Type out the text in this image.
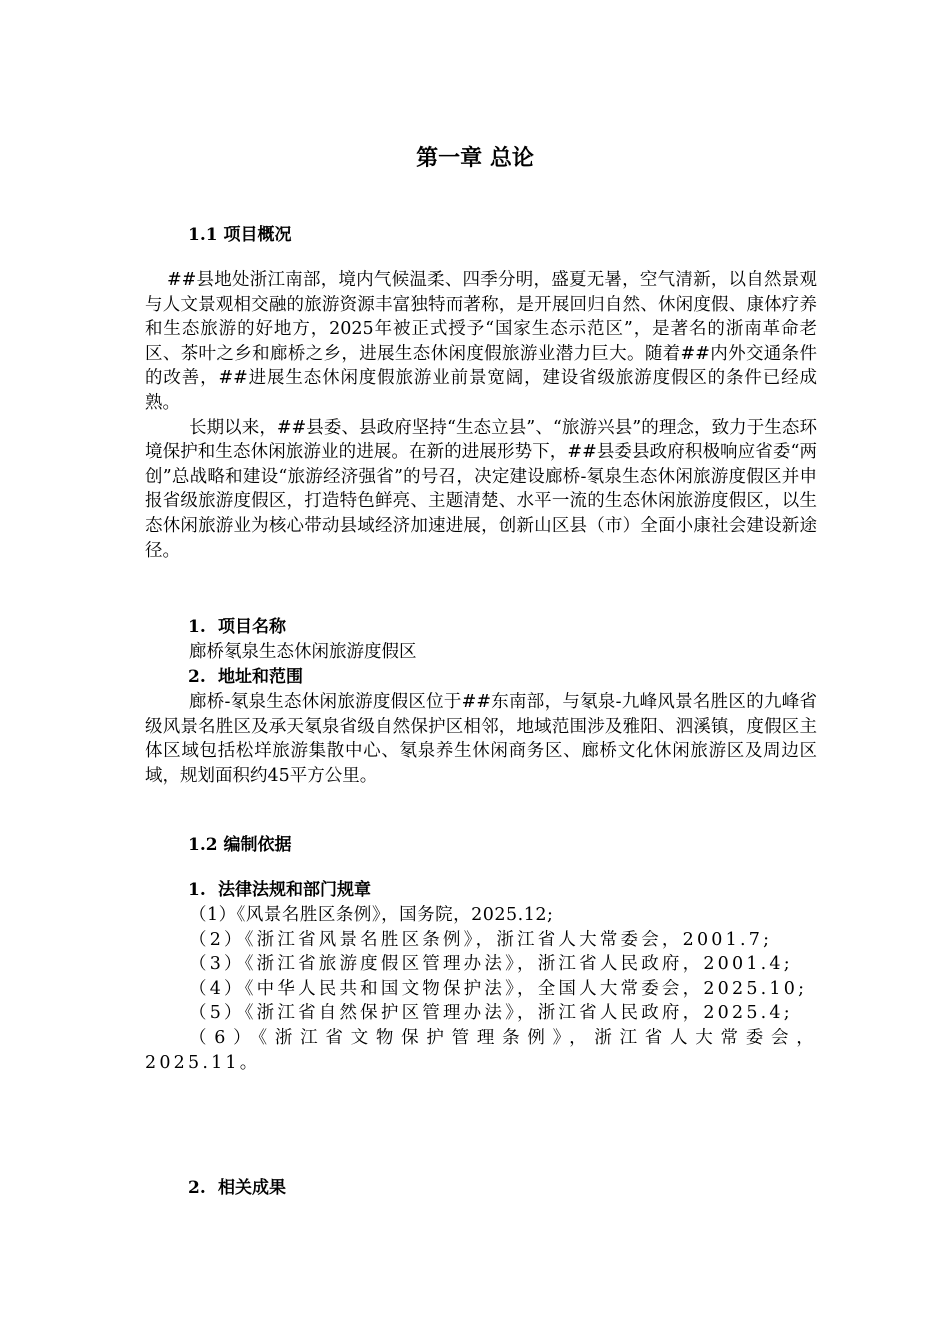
第一章 总论
1.1 项目概况

##县地处浙江南部，境内气候温柔、四季分明，盛夏无暑，空气清新，以自然景观与人文景观相交融的旅游资源丰富独特而著称，是开展回归自然、休闲度假、康体疗养和生态旅游的好地方，2025年被正式授予“国家生态示范区”，是著名的浙南革命老区、茶叶之乡和廊桥之乡，进展生态休闲度假旅游业潜力巨大。随着##内外交通条件的改善，##进展生态休闲度假旅游业前景宽阔，建设省级旅游度假区的条件已经成熟。

长期以来，##县委、县政府坚持“生态立县”、“旅游兴县”的理念，致力于生态环境保护和生态休闲旅游业的进展。在新的进展形势下，##县委县政府积极响应省委“两创”总战略和建设“旅游经济强省”的号召，决定建设廊桥-氡泉生态休闲旅游度假区并申报省级旅游度假区，打造特色鲜亮、主题清楚、水平一流的生态休闲旅游度假区，以生态休闲旅游业为核心带动县域经济加速进展，创新山区县（市）全面小康社会建设新途径。

1. 项目名称

廊桥氡泉生态休闲旅游度假区

2. 地址和范围

廊桥-氡泉生态休闲旅游度假区位于##东南部，与氡泉-九峰风景名胜区的九峰省级风景名胜区及承天氡泉省级自然保护区相邻，地域范围涉及雅阳、泗溪镇，度假区主体区域包括松垟旅游集散中心、氡泉养生休闲商务区、廊桥文化休闲旅游区及周边区域，规划面积约45平方公里。

1.2 编制依据
1. 法律法规和部门规章

（1）《风景名胜区条例》，国务院，2025.12;

（2）《浙江省风景名胜区条例》，浙江省人大常委会，2001.7;

（3）《浙江省旅游度假区管理办法》，浙江省人民政府，2001.4;

（4）《中华人民共和国文物保护法》，全国人大常委会，2025.10;

（5）《浙江省自然保护区管理办法》，浙江省人民政府，2025.4;

（6）《浙江省文物保护管理条例》，浙江省人大常委会，2025.11。

2. 相关成果
